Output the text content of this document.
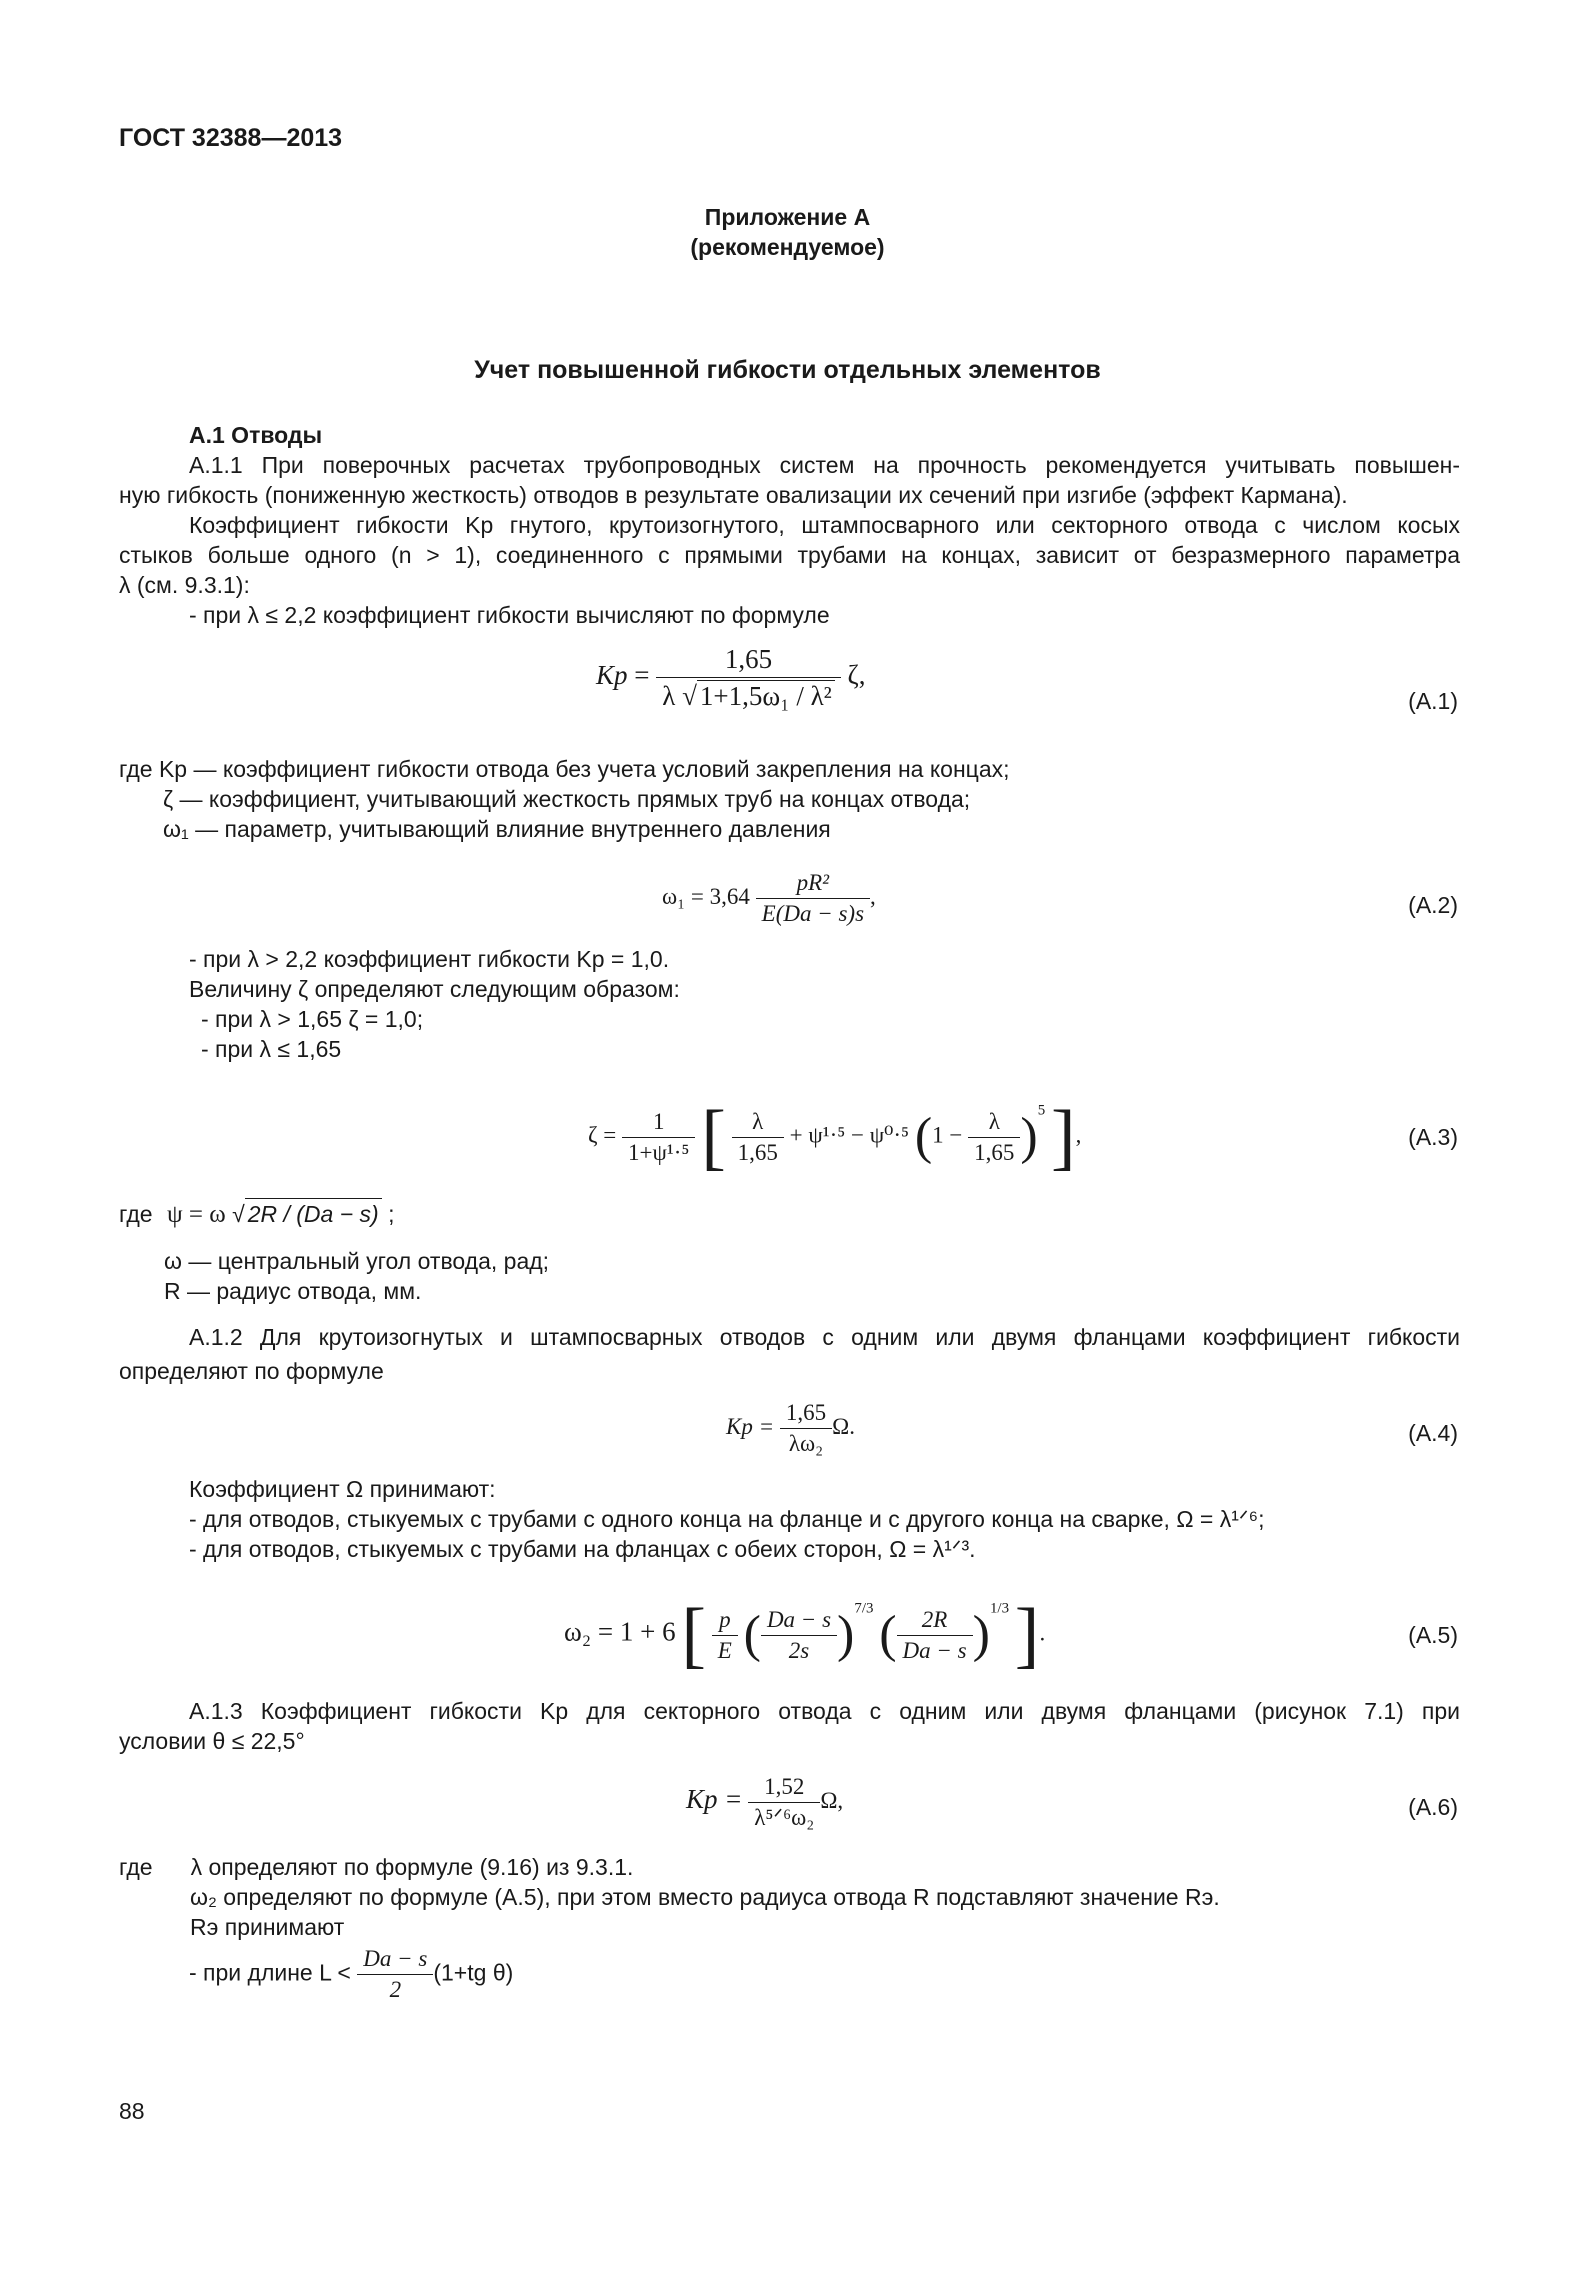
ГОСТ 32388—2013
Приложение А
(рекомендуемое)
Учет повышенной гибкости отдельных элементов
А.1 Отводы
А.1.1 При поверочных расчетах трубопроводных систем на прочность рекомендуется учитывать повышен-
ную гибкость (пониженную жесткость) отводов в результате овализации их сечений при изгибе (эффект Кармана).
Коэффициент гибкости Kp гнутого, крутоизогнутого, штампосварного или секторного отвода с числом косых
стыков больше одного (n > 1), соединенного с прямыми трубами на концах, зависит от безразмерного параметра
λ (см. 9.3.1):
- при λ ≤ 2,2 коэффициент гибкости вычисляют по формуле
$Kp = \frac{1,65}{\text{λ √ 1+1,5ω₁ / λ²}} \zeta$,
(А.1)
где Kp — коэффициент гибкости отвода без учета условий закрепления на концах;
ζ — коэффициент, учитывающий жесткость прямых труб на концах отвода;
ω₁ — параметр, учитывающий влияние внутреннего давления
$\omega_1 = 3,64 \frac{\text{pR²}}{E(Da - s)s}$ ,	(А.2)
- при λ > 2,2 коэффициент гибкости Kp = 1,0.
Величину ζ определяют следующим образом:
- при λ > 1,65 ζ = 1,0;
- при λ ≤ 1,65
$\zeta = \frac{1}{\text{1+ψ¹·⁵}}$ [ $\frac{\lambda}{1,65} + \psi^1\cdot^5 - \psi^0\cdot^5$ $(1 - \frac{\lambda}{1,65} )^5$ ],	(А.3)
где ψ = ω √ 2R / (Da − s) ;
ω — центральный угол отвода, рад;
R — радиус отвода, мм.
А.1.2 Для крутоизогнутых и штампосварных отводов с одним или двумя фланцами коэффициент гибкости
определяют по формуле
$Kp = \frac{1,65}{\text{λω₂}} \Omega$.	(А.4)
Коэффициент Ω принимают:
- для отводов, стыкуемых с трубами с одного конца на фланце и с другого конца на сварке, Ω = λ¹ᐟ⁶;
- для отводов, стыкуемых с трубами на фланцах с обеих сторон, Ω = λ¹ᐟ³.
ω₂ = 1 + 6 [ $\frac{p}{E}$ ( $\frac{Da - s}{2s} )^{7/3}$ ( $\frac{2R}{Da - s} )^{1/3}$ ].	(А.5)
А.1.3 Коэффициент гибкости Kp для секторного отвода с одним или двумя фланцами (рисунок 7.1) при
условии θ ≤ 22,5°
$Kp = \frac{1,52}{\text{λ⁵ᐟ⁶ω₂}} \Omega$,	(А.6)
где λ определяют по формуле (9.16) из 9.3.1.
ω₂ определяют по формуле (А.5), при этом вместо радиуса отвода R подставляют значение Rэ.
Rэ принимают
- при длине $L < \frac{Da - s}{2} (1+tg$ θ)
88
